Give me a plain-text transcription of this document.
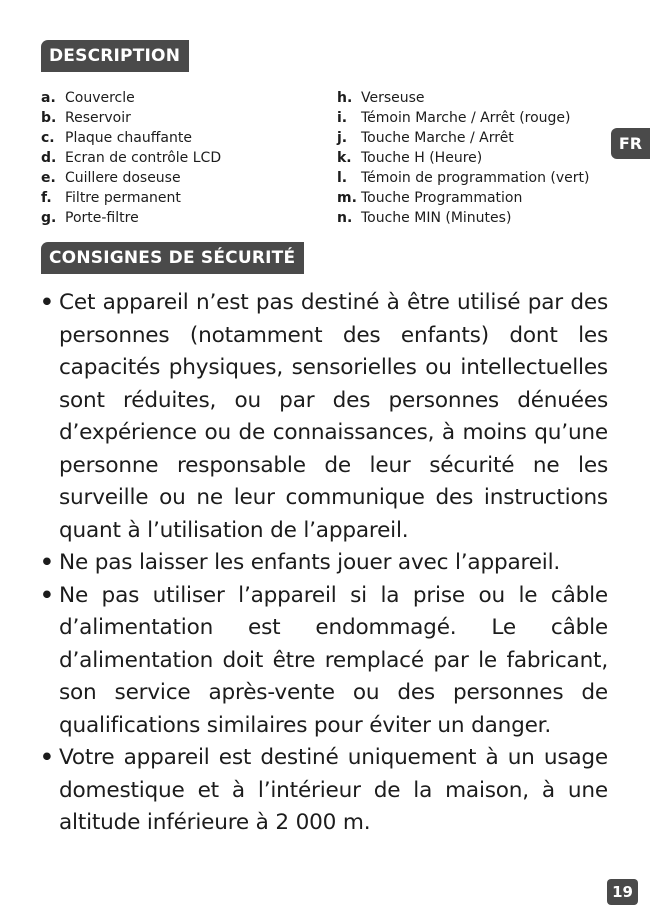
DESCRIPTION
a. Couvercle
b. Reservoir
c. Plaque chauffante
d. Ecran de contrôle LCD
e. Cuillere doseuse
f. Filtre permanent
g. Porte-filtre
h. Verseuse
i. Témoin Marche / Arrêt (rouge)
j. Touche Marche / Arrêt
k. Touche H (Heure)
l. Témoin de programmation (vert)
m. Touche Programmation
n. Touche MIN (Minutes)
FR
CONSIGNES DE SÉCURITÉ
• Cet appareil n’est pas destiné à être utilisé par des personnes (notamment des enfants) dont les capacités physiques, sensorielles ou intellectuelles sont réduites, ou par des personnes dénuées d’expérience ou de connaissances, à moins qu’une personne responsable de leur sécurité ne les surveille ou ne leur communique des instructions quant à l’utilisation de l’appareil.
• Ne pas laisser les enfants jouer avec l’appareil.
• Ne pas utiliser l’appareil si la prise ou le câble d’alimentation est endommagé. Le câble d’alimentation doit être remplacé par le fabricant, son service après-vente ou des personnes de qualifications similaires pour éviter un danger.
• Votre appareil est destiné uniquement à un usage domestique et à l’intérieur de la maison, à une altitude inférieure à 2 000 m.
19
